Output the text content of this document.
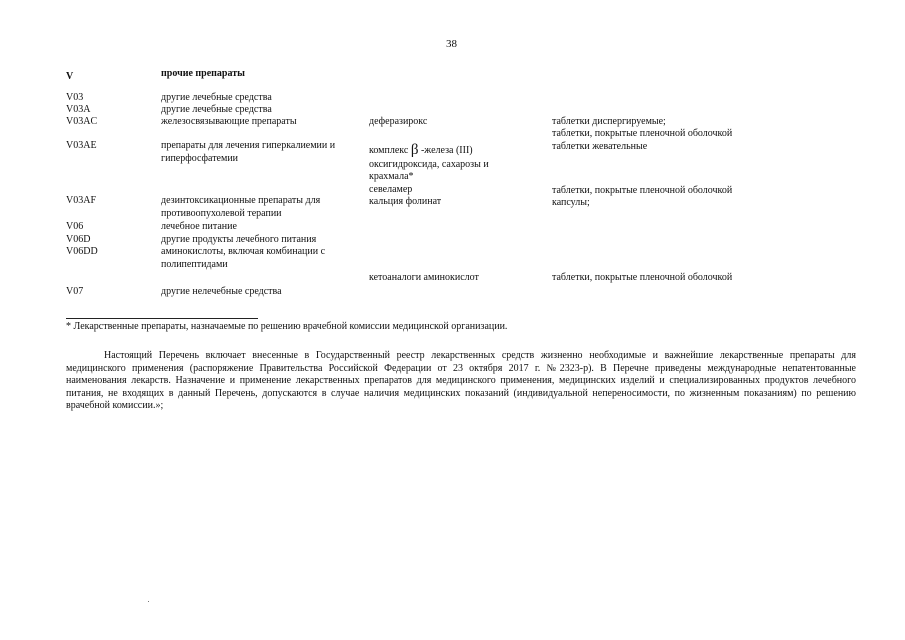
38
V	прочие препараты
V03
V03A
V03AC
V03AE
V03AF
V06
V06D
V06DD
V07
другие лечебные средства
другие лечебные средства
железосвязывающие препараты
препараты для лечения гиперкалиемии и гиперфосфатемии
дезинтоксикационные препараты для противоопухолевой терапии
лечебное питание
другие продукты лечебного питания
аминокислоты, включая комбинации с полипептидами
другие нелечебные средства
деферазирокс
комплекс β -железа (III)
оксигидроксида, сахарозы и
крахмала*
севеламер
кальция фолинат
кетоаналоги аминокислот
таблетки диспергируемые;
таблетки, покрытые пленочной оболочкой
таблетки жевательные
таблетки, покрытые пленочной оболочкой
капсулы;
таблетки, покрытые пленочной оболочкой
* Лекарственные препараты, назначаемые по решению врачебной комиссии медицинской организации.
Настоящий Перечень включает внесенные в Государственный реестр лекарственных средств жизненно необходимые и важнейшие лекарственные препараты для медицинского применения (распоряжение Правительства Российской Федерации от 23 октября 2017 г. №2323-р). В Перечне приведены международные непатентованные наименования лекарств. Назначение и применение лекарственных препаратов для медицинского применения, медицинских изделий и специализированных продуктов лечебного питания, не входящих в данный Перечень, допускаются в случае наличия медицинских показаний (индивидуальной непереносимости, по жизненным показаниям) по решению врачебной комиссии.»;
